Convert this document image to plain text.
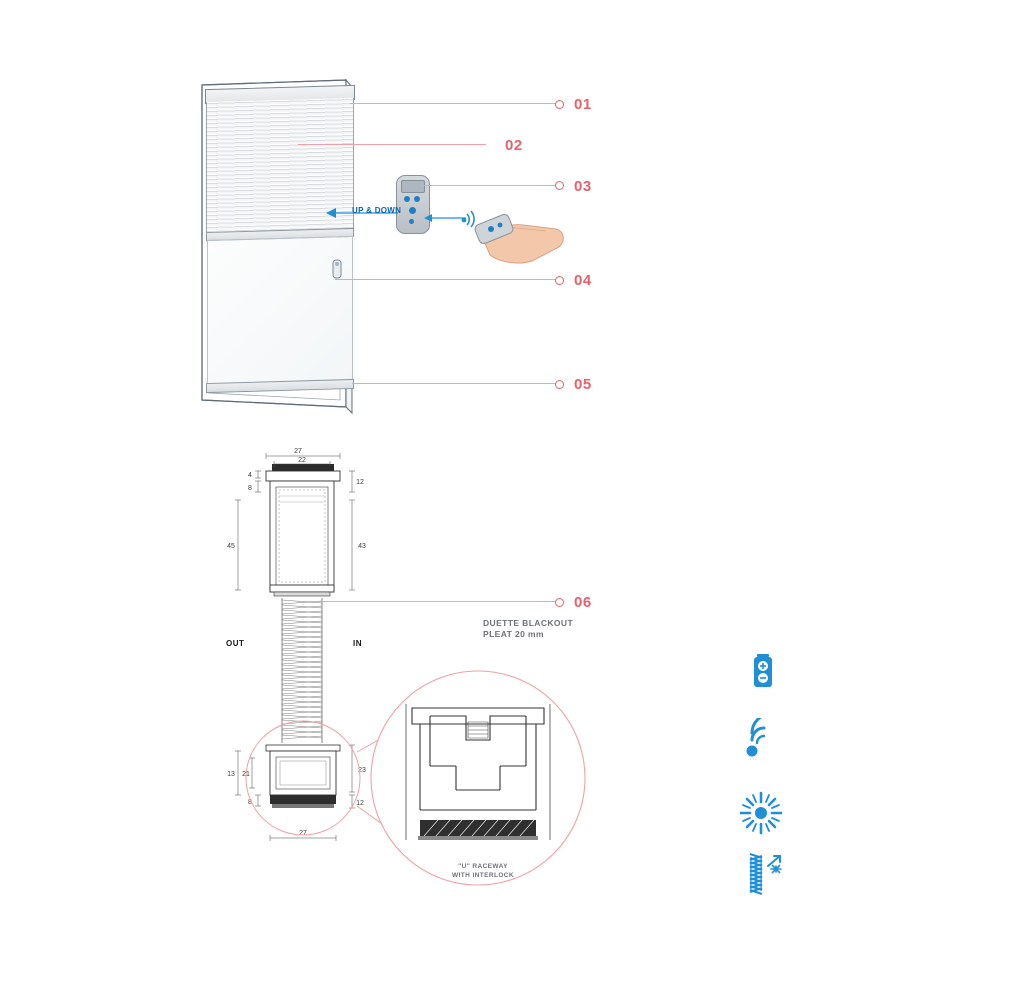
UP & DOWN
01
02
03
04
05
27
22
4
8
45
12
43
23
12
13 21
8
27
OUT	IN
06
DUETTE BLACKOUT
PLEAT 20 mm
"U" RACEWAY
WITH INTERLOCK
